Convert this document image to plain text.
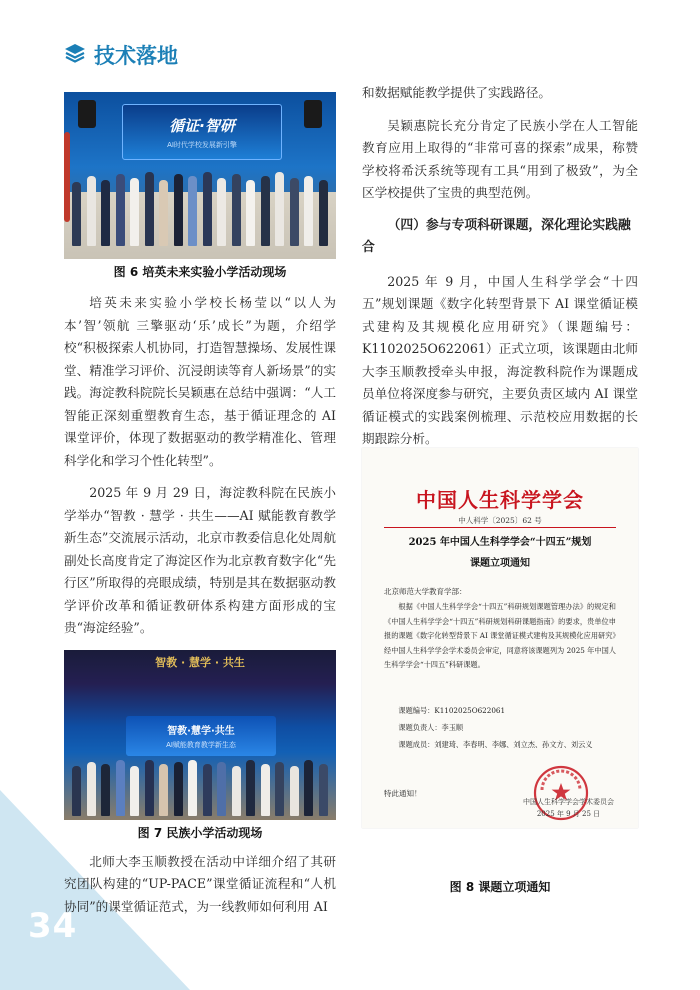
34
技术落地
循证·智研
AI时代学校发展新引擎
图 6 培英未来实验小学活动现场

培英未来实验小学校长杨莹以“以人为本’智’领航 三擎驱动‘乐’成长”为题，介绍学校“积极探索人机协同，打造智慧操场、发展性课堂、精准学习评价、沉浸朗读等育人新场景”的实践。海淀教科院院长吴颖惠在总结中强调：“人工智能正深刻重塑教育生态，基于循证理念的 AI 课堂评价，体现了数据驱动的教学精准化、管理科学化和学习个性化转型”。

2025 年 9 月 29 日，海淀教科院在民族小学举办“智教 · 慧学 · 共生——AI 赋能教育教学新生态”交流展示活动，北京市教委信息化处周航副处长高度肯定了海淀区作为北京教育数字化“先行区”所取得的亮眼成绩，特别是其在数据驱动教学评价改革和循证教研体系构建方面形成的宝贵“海淀经验”。

智教 · 慧学 · 共生
智教·慧学·共生
AI赋能教育教学新生态
图 7 民族小学活动现场

北师大李玉顺教授在活动中详细介绍了其研究团队构建的“UP-PACE”课堂循证流程和“人机协同”的课堂循证范式，为一线教师如何利用 AI

和数据赋能教学提供了实践路径。

吴颖惠院长充分肯定了民族小学在人工智能教育应用上取得的“非常可喜的探索”成果，称赞学校将希沃系统等现有工具“用到了极致”，为全区学校提供了宝贵的典型范例。

（四）参与专项科研课题，深化理论实践融合

2025 年 9 月，中国人生科学学会“十四五”规划课题《数字化转型背景下 AI 课堂循证模式建构及其规模化应用研究》（课题编号：K1102025O622061）正式立项，该课题由北师大李玉顺教授牵头申报，海淀教科院作为课题成员单位将深度参与研究，主要负责区域内 AI 课堂循证模式的实践案例梳理、示范校应用数据的长期跟踪分析。

中国人生科学学会
中人科学〔2025〕62 号
2025 年中国人生科学学会“十四五”规划
课题立项通知
北京师范大学教育学部：
根据《中国人生科学学会“十四五”科研规划课题管理办法》的规定和《中国人生科学学会“十四五”科研规划科研课题指南》的要求，贵单位申报的课题《数字化转型背景下 AI 课堂循证模式建构及其规模化应用研究》经中国人生科学学会学术委员会审定，同意将该课题列为 2025 年中国人生科学学会“十四五”科研课题。
课题编号：K1102025O622061
课题负责人：李玉顺
课题成员：刘建琦、李春明、李娜、刘立杰、孙文方、刘云义
特此通知！
中国人生科学学会学术委员会
2025 年 9 月 25 日
图 8 课题立项通知
